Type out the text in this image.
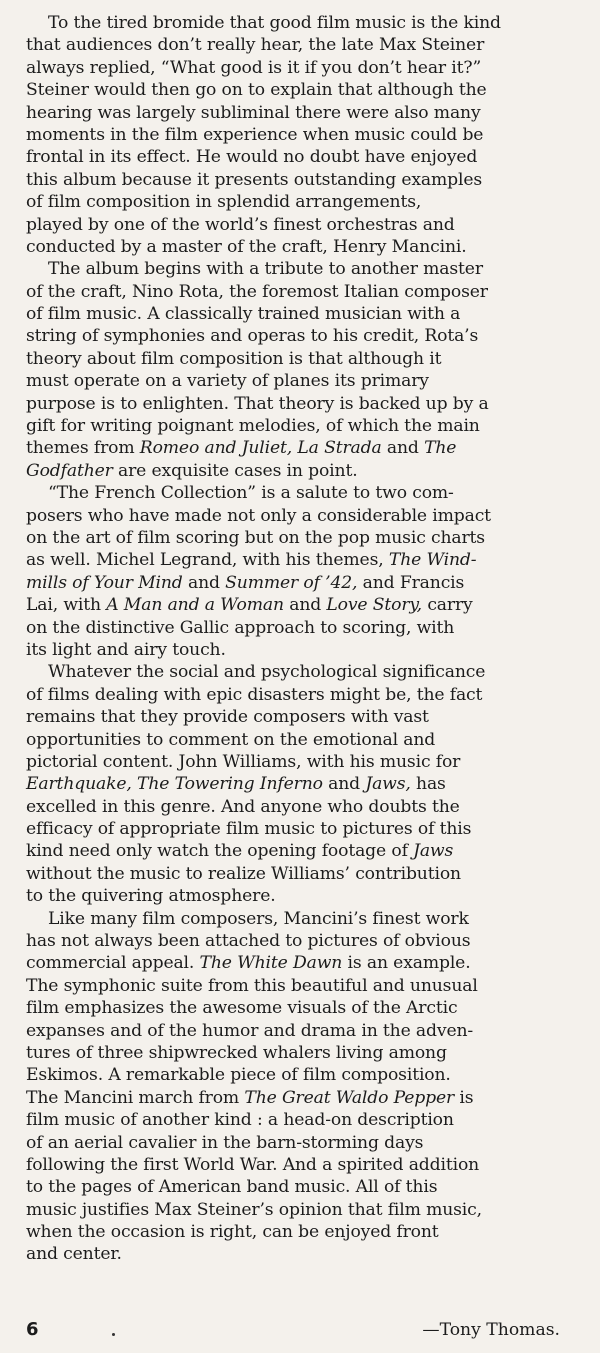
To the tired bromide that good film music is the kind
that audiences don’t really hear, the late Max Steiner
always replied, “What good is it if you don’t hear it?”
Steiner would then go on to explain that although the
hearing was largely subliminal there were also many
moments in the film experience when music could be
frontal in its effect. He would no doubt have enjoyed
this album because it presents outstanding examples
of film composition in splendid arrangements,
played by one of the world’s finest orchestras and
conducted by a master of the craft, Henry Mancini.
The album begins with a tribute to another master
of the craft, Nino Rota, the foremost Italian composer
of film music. A classically trained musician with a
string of symphonies and operas to his credit, Rota’s
theory about film composition is that although it
must operate on a variety of planes its primary
purpose is to enlighten. That theory is backed up by a
gift for writing poignant melodies, of which the main
themes from Romeo and Juliet, La Strada and The
Godfather are exquisite cases in point.
“The French Collection” is a salute to two com-
posers who have made not only a considerable impact
on the art of film scoring but on the pop music charts
as well. Michel Legrand, with his themes, The Wind-
mills of Your Mind and Summer of ’42, and Francis
Lai, with A Man and a Woman and Love Story, carry
on the distinctive Gallic approach to scoring, with
its light and airy touch.
Whatever the social and psychological significance
of films dealing with epic disasters might be, the fact
remains that they provide composers with vast
opportunities to comment on the emotional and
pictorial content. John Williams, with his music for
Earthquake, The Towering Inferno and Jaws, has
excelled in this genre. And anyone who doubts the
efficacy of appropriate film music to pictures of this
kind need only watch the opening footage of Jaws
without the music to realize Williams’ contribution
to the quivering atmosphere.
Like many film composers, Mancini’s finest work
has not always been attached to pictures of obvious
commercial appeal. The White Dawn is an example.
The symphonic suite from this beautiful and unusual
film emphasizes the awesome visuals of the Arctic
expanses and of the humor and drama in the adven-
tures of three shipwrecked whalers living among
Eskimos. A remarkable piece of film composition.
The Mancini march from The Great Waldo Pepper is
film music of another kind : a head-on description
of an aerial cavalier in the barn-storming days
following the first World War. And a spirited addition
to the pages of American band music. All of this
music justifies Max Steiner’s opinion that film music,
when the occasion is right, can be enjoyed front
and center.
6	—Tony Thomas.
